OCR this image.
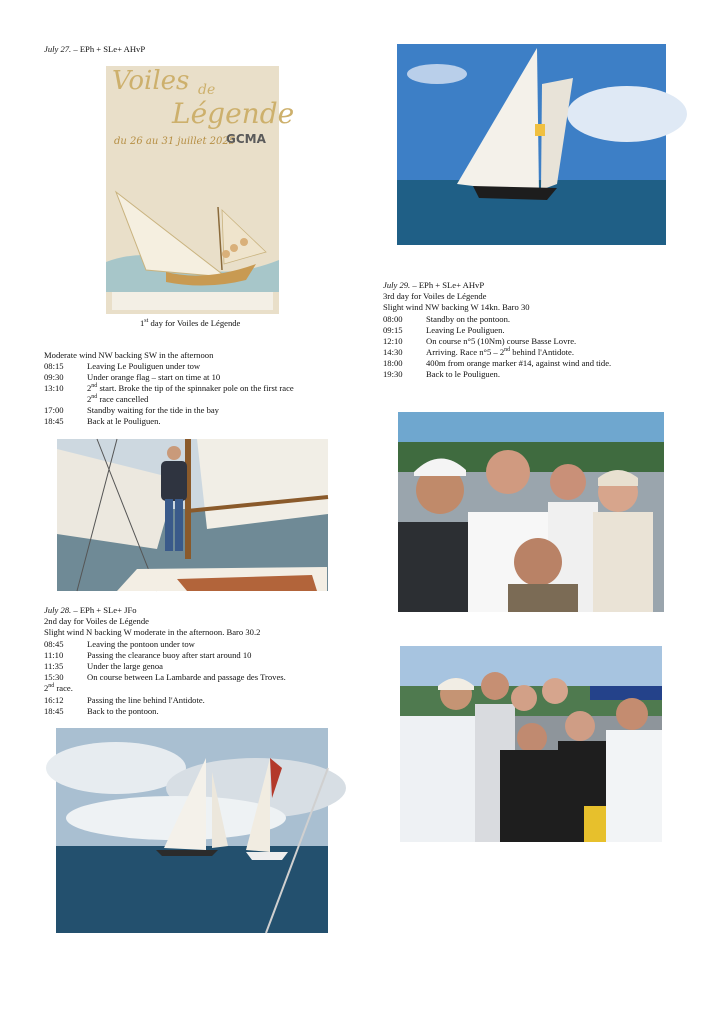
July 27. – EPh + SLe+ AHvP
Voiles de
Légende
du 26 au 31 juillet 2025
GCMA
1st day for Voiles de Légende
Moderate wind NW backing SW in the afternoon
08:15	Leaving Le Pouliguen under tow
09:30	Under orange flag – start on time at 10
13:10	2nd start. Broke the tip of the spinnaker pole on the first race
2nd race cancelled
17:00	Standby waiting for the tide in the bay
18:45	Back at le Pouliguen.
July 28. – EPh + SLe+ JFo
2nd day for Voiles de Légende
Slight wind N backing W moderate in the afternoon. Baro 30.2
08:45	Leaving the pontoon under tow
11:10	Passing the clearance buoy after start around 10
11:35	Under the large genoa
15:30	On course between La Lambarde and passage des Troves.
2nd race.
16:12	Passing the line behind l'Antidote.
18:45	Back to the pontoon.
July 29. – EPh + SLe+ AHvP
3rd day for Voiles de Légende
Slight wind NW backing W 14kn. Baro 30
08:00	Standby on the pontoon.
09:15	Leaving Le Pouliguen.
12:10	On course n°5 (10Nm) course Basse Lovre.
14:30	Arriving. Race n°5 – 2nd behind l'Antidote.
18:00	400m from orange marker #14, against wind and tide.
19:30	Back to le Pouliguen.
